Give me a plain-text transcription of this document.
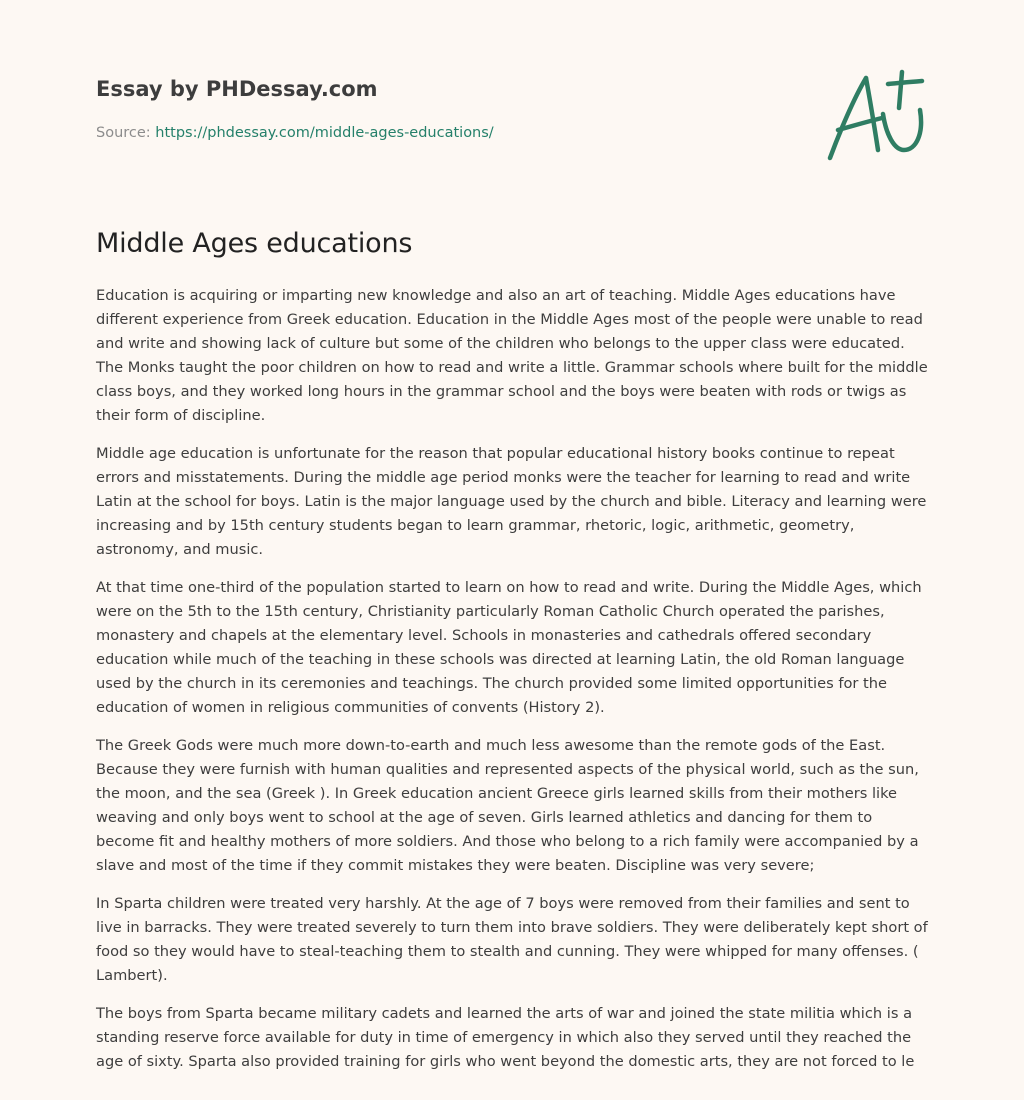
Essay by PHDessay.com
Source: https://phdessay.com/middle-ages-educations/
Middle Ages educations

Education is acquiring or imparting new knowledge and also an art of teaching. Middle Ages educations have different experience from Greek education. Education in the Middle Ages most of the people were unable to read and write and showing lack of culture but some of the children who belongs to the upper class were educated. The Monks taught the poor children on how to read and write a little. Grammar schools where built for the middle class boys, and they worked long hours in the grammar school and the boys were beaten with rods or twigs as their form of discipline.

Middle age education is unfortunate for the reason that popular educational history books continue to repeat errors and misstatements. During the middle age period monks were the teacher for learning to read and write Latin at the school for boys. Latin is the major language used by the church and bible. Literacy and learning were increasing and by 15th century students began to learn grammar, rhetoric, logic, arithmetic, geometry, astronomy, and music.

At that time one-third of the population started to learn on how to read and write. During the Middle Ages, which were on the 5th to the 15th century, Christianity particularly Roman Catholic Church operated the parishes, monastery and chapels at the elementary level. Schools in monasteries and cathedrals offered secondary education while much of the teaching in these schools was directed at learning Latin, the old Roman language used by the church in its ceremonies and teachings. The church provided some limited opportunities for the education of women in religious communities of convents (History 2).

The Greek Gods were much more down-to-earth and much less awesome than the remote gods of the East. Because they were furnish with human qualities and represented aspects of the physical world, such as the sun, the moon, and the sea (Greek ). In Greek education ancient Greece girls learned skills from their mothers like weaving and only boys went to school at the age of seven. Girls learned athletics and dancing for them to become fit and healthy mothers of more soldiers. And those who belong to a rich family were accompanied by a slave and most of the time if they commit mistakes they were beaten. Discipline was very severe;

In Sparta children were treated very harshly. At the age of 7 boys were removed from their families and sent to live in barracks. They were treated severely to turn them into brave soldiers. They were deliberately kept short of food so they would have to steal-teaching them to stealth and cunning. They were whipped for many offenses. ( Lambert).

The boys from Sparta became military cadets and learned the arts of war and joined the state militia which is a standing reserve force available for duty in time of emergency in which also they served until they reached the age of sixty. Sparta also provided training for girls who went beyond the domestic arts, they are not forced to le
